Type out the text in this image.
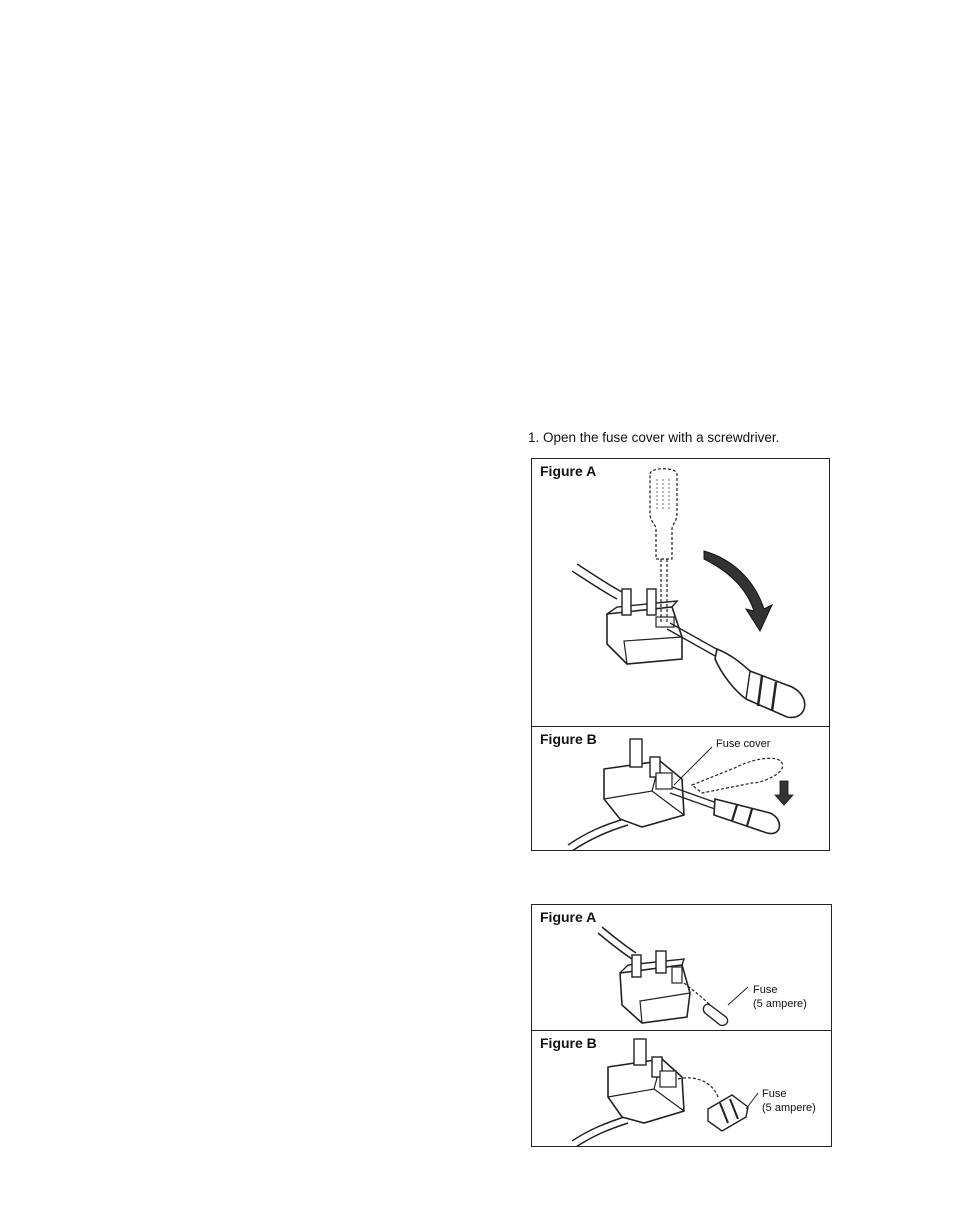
1. Open the fuse cover with a screwdriver.
Figure A
Figure B	Fuse cover
Figure A
Fuse
(5 ampere)
Figure B
Fuse
(5 ampere)
